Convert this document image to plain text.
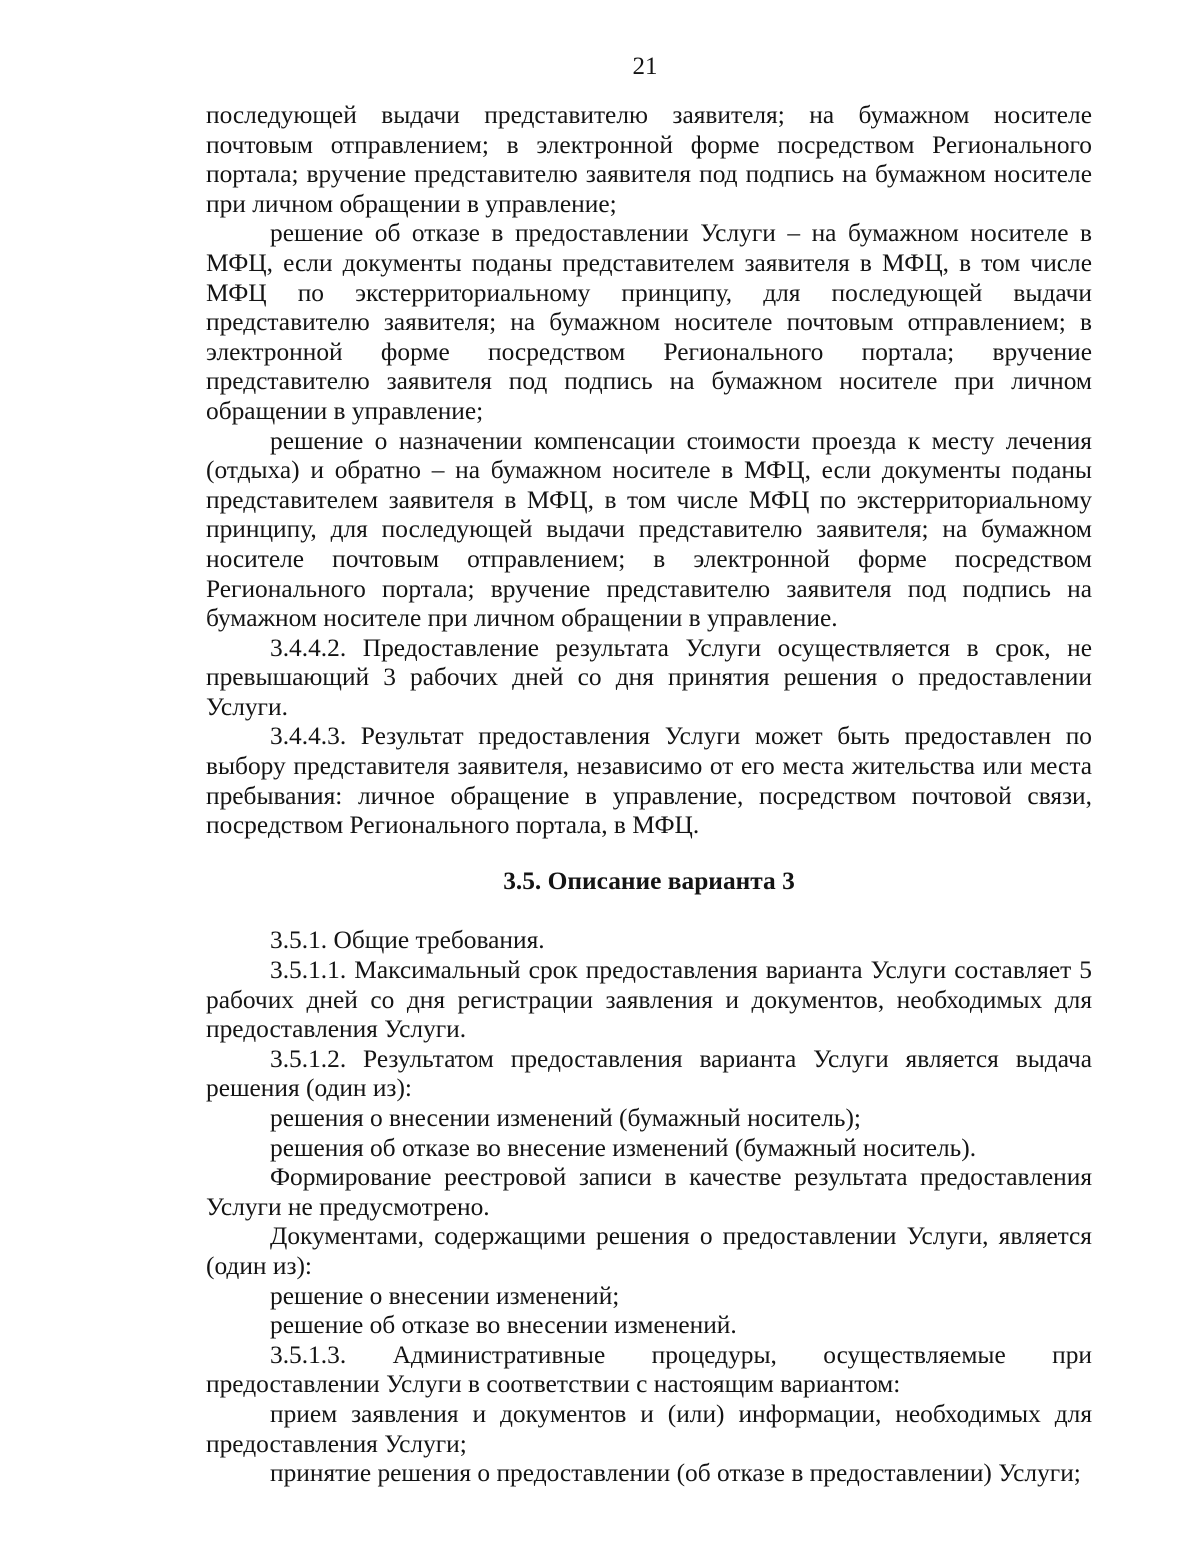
21

последующей выдачи представителю заявителя; на бумажном носителе почтовым отправлением; в электронной форме посредством Регионального портала; вручение представителю заявителя под подпись на бумажном носителе при личном обращении в управление;

решение об отказе в предоставлении Услуги – на бумажном носителе в МФЦ, если документы поданы представителем заявителя в МФЦ, в том числе МФЦ по экстерриториальному принципу, для последующей выдачи представителю заявителя; на бумажном носителе почтовым отправлением; в электронной форме посредством Регионального портала; вручение представителю заявителя под подпись на бумажном носителе при личном обращении в управление;

решение о назначении компенсации стоимости проезда к месту лечения (отдыха) и обратно – на бумажном носителе в МФЦ, если документы поданы представителем заявителя в МФЦ, в том числе МФЦ по экстерриториальному принципу, для последующей выдачи представителю заявителя; на бумажном носителе почтовым отправлением; в электронной форме посредством Регионального портала; вручение представителю заявителя под подпись на бумажном носителе при личном обращении в управление.

3.4.4.2. Предоставление результата Услуги осуществляется в срок, не превышающий 3 рабочих дней со дня принятия решения о предоставлении Услуги.

3.4.4.3. Результат предоставления Услуги может быть предоставлен по выбору представителя заявителя, независимо от его места жительства или места пребывания: личное обращение в управление, посредством почтовой связи, посредством Регионального портала, в МФЦ.

3.5. Описание варианта 3

3.5.1. Общие требования.

3.5.1.1. Максимальный срок предоставления варианта Услуги составляет 5 рабочих дней со дня регистрации заявления и документов, необходимых для предоставления Услуги.

3.5.1.2. Результатом предоставления варианта Услуги является выдача решения (один из):

решения о внесении изменений (бумажный носитель);

решения об отказе во внесение изменений (бумажный носитель).

Формирование реестровой записи в качестве результата предоставления Услуги не предусмотрено.

Документами, содержащими решения о предоставлении Услуги, является (один из):

решение о внесении изменений;

решение об отказе во внесении изменений.

3.5.1.3. Административные процедуры, осуществляемые при предоставлении Услуги в соответствии с настоящим вариантом:

прием заявления и документов и (или) информации, необходимых для предоставления Услуги;

принятие решения о предоставлении (об отказе в предоставлении) Услуги;
